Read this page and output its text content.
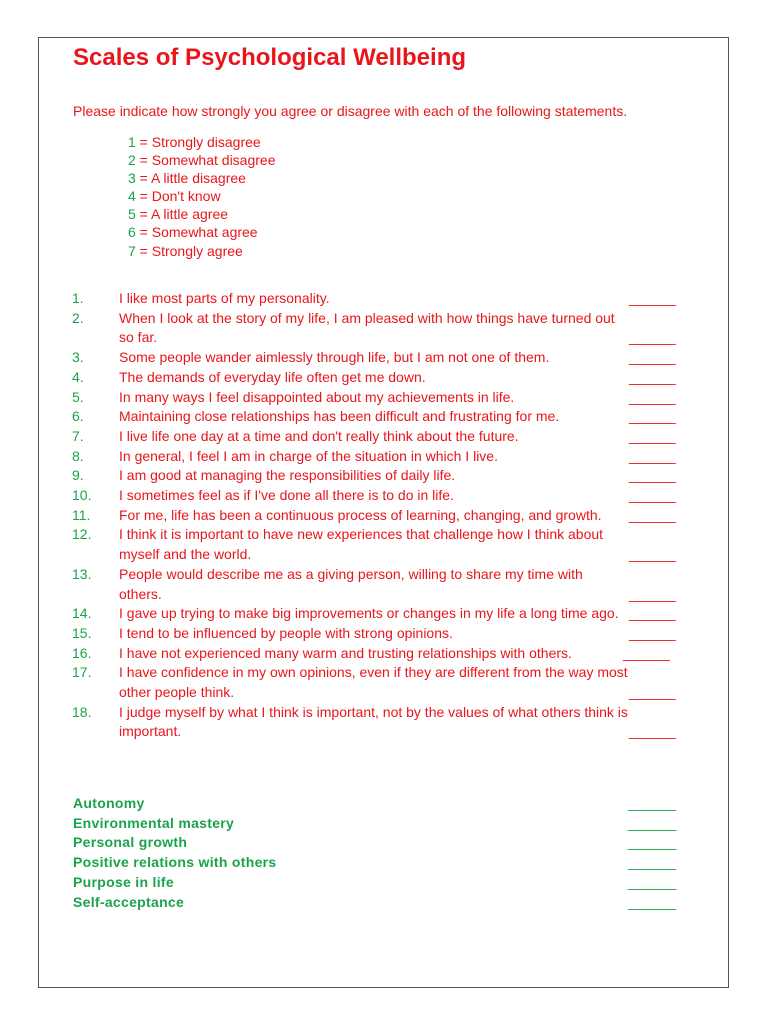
Scales of Psychological Wellbeing
Please indicate how strongly you agree or disagree with each of the following statements.
1 = Strongly disagree
2 = Somewhat disagree
3 = A little disagree
4 = Don't know
5 = A little agree
6 = Somewhat agree
7 = Strongly agree
1.	I like most parts of my personality.	______
2.	When I look at the story of my life, I am pleased with how things have turned out so far.	______
3.	Some people wander aimlessly through life, but I am not one of them.	______
4.	The demands of everyday life often get me down.	______
5.	In many ways I feel disappointed about my achievements in life.	______
6.	Maintaining close relationships has been difficult and frustrating for me.	______
7.	I live life one day at a time and don't really think about the future.	______
8.	In general, I feel I am in charge of the situation in which I live.	______
9.	I am good at managing the responsibilities of daily life.	______
10.	I sometimes feel as if I've done all there is to do in life.	______
11.	For me, life has been a continuous process of learning, changing, and growth.	______
12.	I think it is important to have new experiences that challenge how I think about myself and the world.	______
13.	People would describe me as a giving person, willing to share my time with others.	______
14.	I gave up trying to make big improvements or changes in my life a long time ago. ______
15.	I tend to be influenced by people with strong opinions.	______
16.	I have not experienced many warm and trusting relationships with others.	______
17.	I have confidence in my own opinions, even if they are different from the way most other people think.	______
18.	I judge myself by what I think is important, not by the values of what others think is important.	______
Autonomy	______
Environmental mastery	______
Personal growth	______
Positive relations with others	______
Purpose in life	______
Self-acceptance	______
